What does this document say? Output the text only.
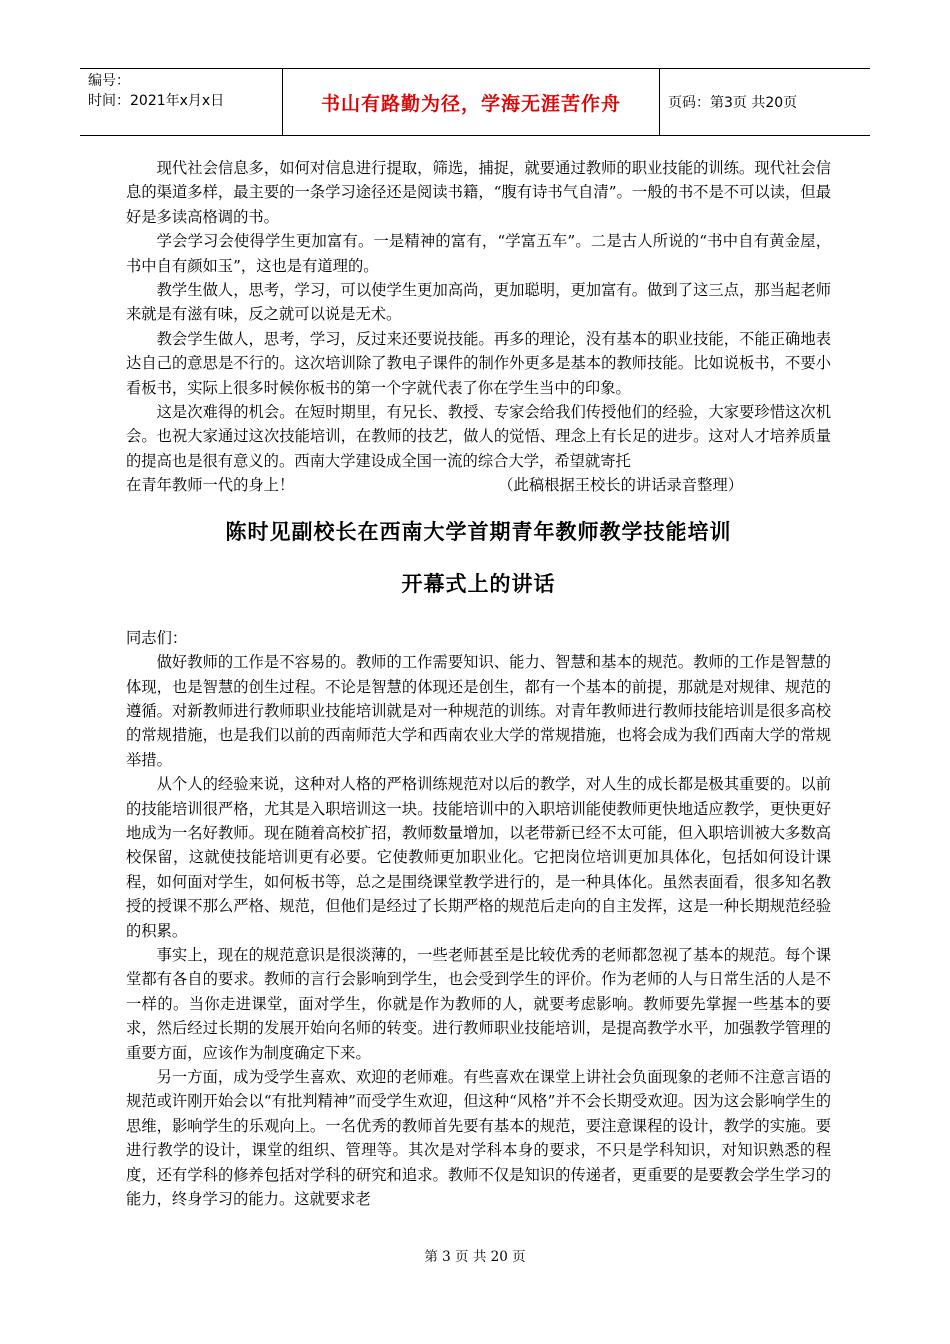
编号：
时间：2021年x月x日	书山有路勤为径，学海无涯苦作舟	页码：第3页 共20页

现代社会信息多，如何对信息进行提取，筛选，捕捉，就要通过教师的职业技能的训练。现代社会信息的渠道多样，最主要的一条学习途径还是阅读书籍，“腹有诗书气自清”。一般的书不是不可以读，但最好是多读高格调的书。

学会学习会使得学生更加富有。一是精神的富有，“学富五车”。二是古人所说的“书中自有黄金屋，书中自有颜如玉”，这也是有道理的。

教学生做人，思考，学习，可以使学生更加高尚，更加聪明，更加富有。做到了这三点，那当起老师来就是有滋有味，反之就可以说是无术。

教会学生做人，思考，学习，反过来还要说技能。再多的理论，没有基本的职业技能，不能正确地表达自己的意思是不行的。这次培训除了教电子课件的制作外更多是基本的教师技能。比如说板书，不要小看板书，实际上很多时候你板书的第一个字就代表了你在学生当中的印象。

这是次难得的机会。在短时期里，有兄长、教授、专家会给我们传授他们的经验，大家要珍惜这次机会。也祝大家通过这次技能培训，在教师的技艺，做人的觉悟、理念上有长足的进步。这对人才培养质量的提高也是很有意义的。西南大学建设成全国一流的综合大学，希望就寄托

在青年教师一代的身上！	（此稿根据王校长的讲话录音整理）
陈时见副校长在西南大学首期青年教师教学技能培训
开幕式上的讲话

同志们：

做好教师的工作是不容易的。教师的工作需要知识、能力、智慧和基本的规范。教师的工作是智慧的体现，也是智慧的创生过程。不论是智慧的体现还是创生，都有一个基本的前提，那就是对规律、规范的遵循。对新教师进行教师职业技能培训就是对一种规范的训练。对青年教师进行教师技能培训是很多高校的常规措施，也是我们以前的西南师范大学和西南农业大学的常规措施，也将会成为我们西南大学的常规举措。

从个人的经验来说，这种对人格的严格训练规范对以后的教学，对人生的成长都是极其重要的。以前的技能培训很严格，尤其是入职培训这一块。技能培训中的入职培训能使教师更快地适应教学，更快更好地成为一名好教师。现在随着高校扩招，教师数量增加，以老带新已经不太可能，但入职培训被大多数高校保留，这就使技能培训更有必要。它使教师更加职业化。它把岗位培训更加具体化，包括如何设计课程，如何面对学生，如何板书等，总之是围绕课堂教学进行的，是一种具体化。虽然表面看，很多知名教授的授课不那么严格、规范，但他们是经过了长期严格的规范后走向的自主发挥，这是一种长期规范经验的积累。

事实上，现在的规范意识是很淡薄的，一些老师甚至是比较优秀的老师都忽视了基本的规范。每个课堂都有各自的要求。教师的言行会影响到学生，也会受到学生的评价。作为老师的人与日常生活的人是不一样的。当你走进课堂，面对学生，你就是作为教师的人，就要考虑影响。教师要先掌握一些基本的要求，然后经过长期的发展开始向名师的转变。进行教师职业技能培训，是提高教学水平，加强教学管理的重要方面，应该作为制度确定下来。

另一方面，成为受学生喜欢、欢迎的老师难。有些喜欢在课堂上讲社会负面现象的老师不注意言语的规范或许刚开始会以“有批判精神”而受学生欢迎，但这种“风格”并不会长期受欢迎。因为这会影响学生的思维，影响学生的乐观向上。一名优秀的教师首先要有基本的规范，要注意课程的设计，教学的实施。要进行教学的设计，课堂的组织、管理等。其次是对学科本身的要求，不只是学科知识，对知识熟悉的程度，还有学科的修养包括对学科的研究和追求。教师不仅是知识的传递者，更重要的是要教会学生学习的能力，终身学习的能力。这就要求老

第 3 页 共 20 页
